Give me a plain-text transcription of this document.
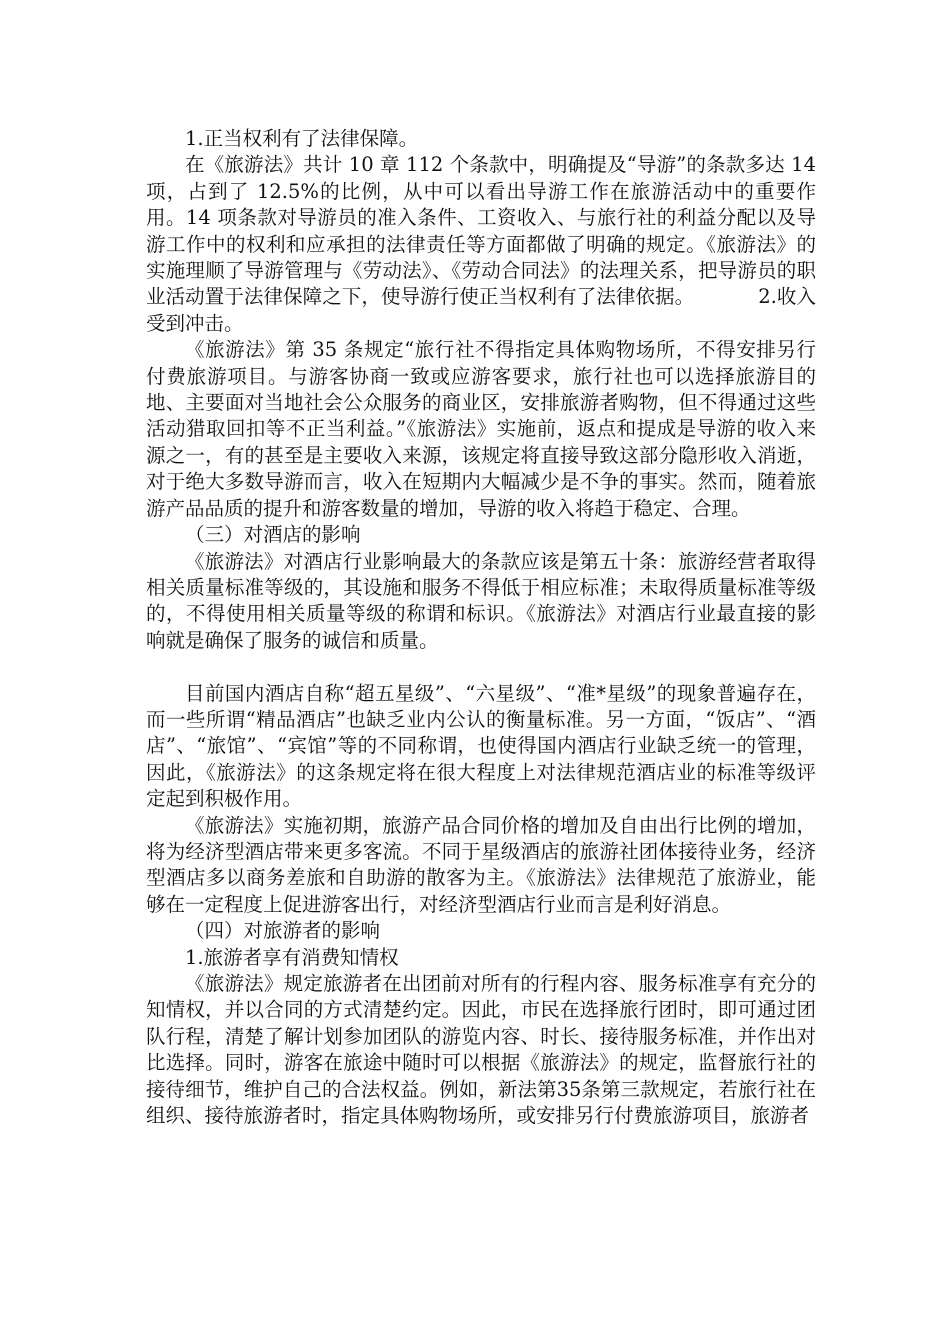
1.正当权利有了法律保障。

在《旅游法》共计 10 章 112 个条款中，明确提及“导游”的条款多达 14 项，占到了 12.5%的比例，从中可以看出导游工作在旅游活动中的重要作用。14 项条款对导游员的准入条件、工资收入、与旅行社的利益分配以及导游工作中的权利和应承担的法律责任等方面都做了明确的规定。《旅游法》的实施理顺了导游管理与《劳动法》、《劳动合同法》的法理关系，把导游员的职业活动置于法律保障之下，使导游行使正当权利有了法律依据。	2.收入受到冲击。

《旅游法》第 35 条规定“旅行社不得指定具体购物场所，不得安排另行付费旅游项目。与游客协商一致或应游客要求，旅行社也可以选择旅游目的地、主要面对当地社会公众服务的商业区，安排旅游者购物，但不得通过这些活动猎取回扣等不正当利益。”《旅游法》实施前，返点和提成是导游的收入来源之一，有的甚至是主要收入来源，该规定将直接导致这部分隐形收入消逝，对于绝大多数导游而言，收入在短期内大幅减少是不争的事实。然而，随着旅游产品品质的提升和游客数量的增加，导游的收入将趋于稳定、合理。

（三）对酒店的影响

《旅游法》对酒店行业影响最大的条款应该是第五十条：旅游经营者取得相关质量标准等级的，其设施和服务不得低于相应标准；未取得质量标准等级的，不得使用相关质量等级的称谓和标识。《旅游法》对酒店行业最直接的影响就是确保了服务的诚信和质量。

目前国内酒店自称“超五星级”、“六星级”、“准*星级”的现象普遍存在，而一些所谓“精品酒店”也缺乏业内公认的衡量标准。另一方面，“饭店”、“酒店”、“旅馆”、“宾馆”等的不同称谓，也使得国内酒店行业缺乏统一的管理，因此，《旅游法》的这条规定将在很大程度上对法律规范酒店业的标准等级评定起到积极作用。

《旅游法》实施初期，旅游产品合同价格的增加及自由出行比例的增加，将为经济型酒店带来更多客流。不同于星级酒店的旅游社团体接待业务，经济型酒店多以商务差旅和自助游的散客为主。《旅游法》法律规范了旅游业，能够在一定程度上促进游客出行，对经济型酒店行业而言是利好消息。

（四）对旅游者的影响

1.旅游者享有消费知情权

《旅游法》规定旅游者在出团前对所有的行程内容、服务标准享有充分的知情权，并以合同的方式清楚约定。因此，市民在选择旅行团时，即可通过团队行程，清楚了解计划参加团队的游览内容、时长、接待服务标准，并作出对比选择。同时，游客在旅途中随时可以根据《旅游法》的规定，监督旅行社的接待细节，维护自己的合法权益。例如，新法第35条第三款规定，若旅行社在组织、接待旅游者时，指定具体购物场所，或安排另行付费旅游项目，旅游者
